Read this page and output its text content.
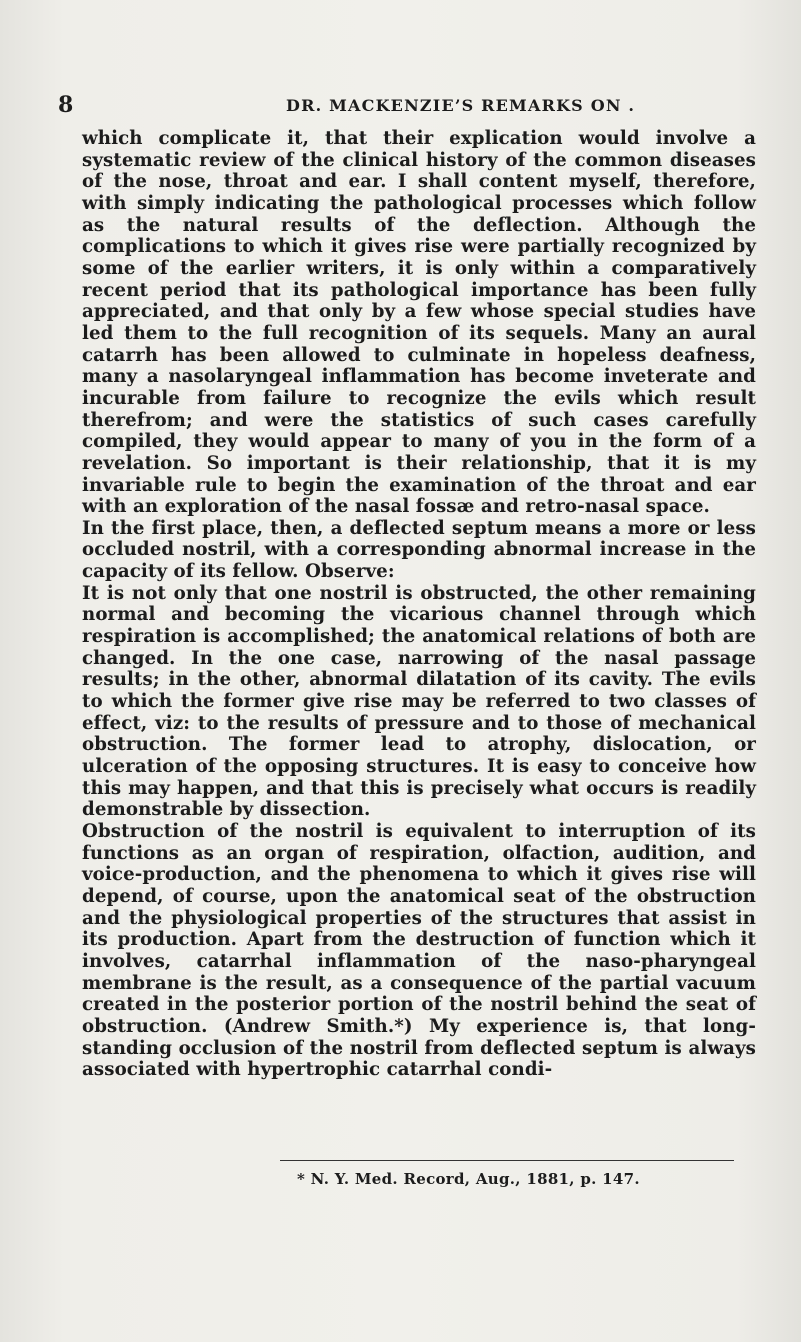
8	DR. MACKENZIE’S REMARKS ON .

which complicate it, that their explication would involve a systematic review of the clinical history of the common diseases of the nose, throat and ear. I shall content myself, therefore, with simply indicating the pathological processes which follow as the natural results of the deflection. Although the complications to which it gives rise were partially recognized by some of the earlier writers, it is only within a comparatively recent period that its pathological importance has been fully appreciated, and that only by a few whose special studies have led them to the full recognition of its sequels. Many an aural catarrh has been allowed to culminate in hopeless deafness, many a nasolaryngeal inflammation has become inveterate and incurable from failure to recognize the evils which result therefrom; and were the statistics of such cases carefully compiled, they would appear to many of you in the form of a revelation. So important is their relationship, that it is my invariable rule to begin the examination of the throat and ear with an exploration of the nasal fossæ and retro-nasal space.

In the first place, then, a deflected septum means a more or less occluded nostril, with a corresponding abnormal increase in the capacity of its fellow. Observe:

It is not only that one nostril is obstructed, the other remaining normal and becoming the vicarious channel through which respiration is accomplished; the anatomical relations of both are changed. In the one case, narrowing of the nasal passage results; in the other, abnormal dilatation of its cavity. The evils to which the former give rise may be referred to two classes of effect, viz: to the results of pressure and to those of mechanical obstruction. The former lead to atrophy, dislocation, or ulceration of the opposing structures. It is easy to conceive how this may happen, and that this is precisely what occurs is readily demonstrable by dissection.

Obstruction of the nostril is equivalent to interruption of its functions as an organ of respiration, olfaction, audition, and voice-production, and the phenomena to which it gives rise will depend, of course, upon the anatomical seat of the obstruction and the physiological properties of the structures that assist in its production. Apart from the destruction of function which it involves, catarrhal inflammation of the naso-pharyngeal membrane is the result, as a consequence of the partial vacuum created in the posterior portion of the nostril behind the seat of obstruction. (Andrew Smith.*) My experience is, that long-standing occlusion of the nostril from deflected septum is always associated with hypertrophic catarrhal condi-

* N. Y. Med. Record, Aug., 1881, p. 147.
